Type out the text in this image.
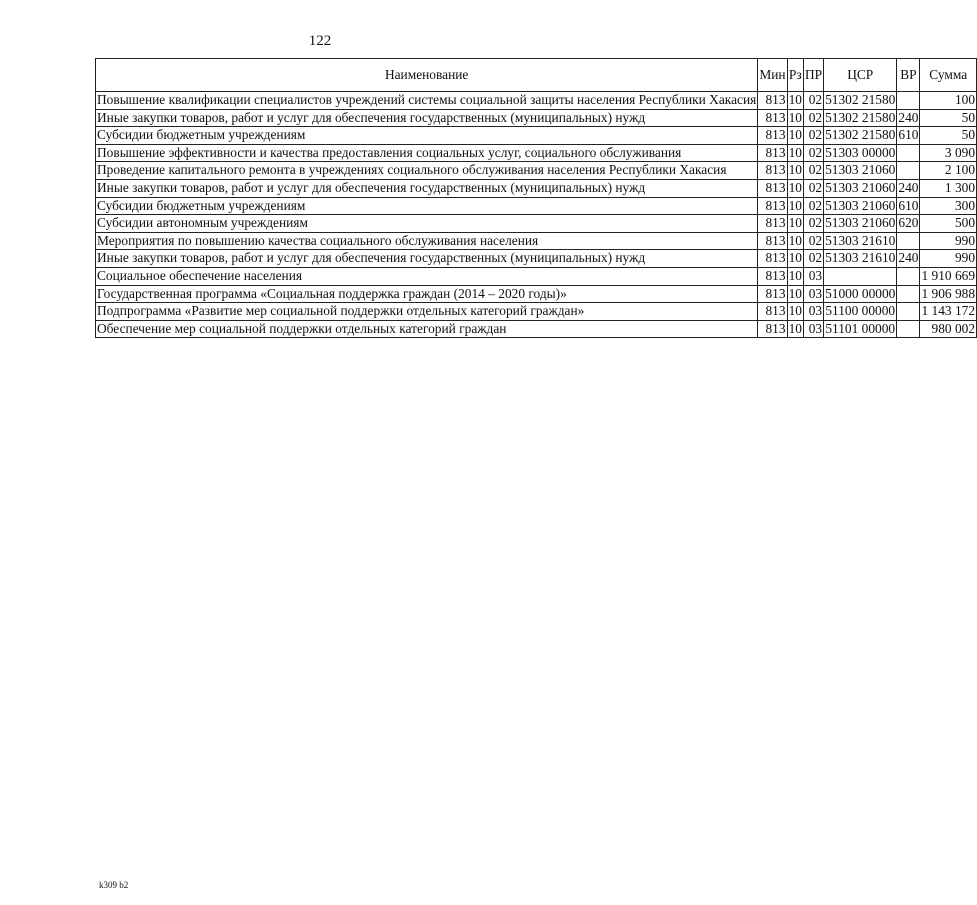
122
Наименование	Мин	Рз	ПР	ЦСР	ВР	Сумма
Повышение квалификации специалистов учреждений системы социальной защиты населения Республики Хакасия	813	10	02	51302 21580		100
Иные закупки товаров, работ и услуг для обеспечения государственных (муниципальных) нужд	813	10	02	51302 21580	240	50
Субсидии бюджетным учреждениям	813	10	02	51302 21580	610	50
Повышение эффективности и качества предоставления социальных услуг, социального обслуживания	813	10	02	51303 00000		3 090
Проведение капитального ремонта в учреждениях социального обслуживания населения Республики Хакасия	813	10	02	51303 21060		2 100
Иные закупки товаров, работ и услуг для обеспечения государственных (муниципальных) нужд	813	10	02	51303 21060	240	1 300
Субсидии бюджетным учреждениям	813	10	02	51303 21060	610	300
Субсидии автономным учреждениям	813	10	02	51303 21060	620	500
Мероприятия по повышению качества социального обслуживания населения	813	10	02	51303 21610		990
Иные закупки товаров, работ и услуг для обеспечения государственных (муниципальных) нужд	813	10	02	51303 21610	240	990
Социальное обеспечение населения	813	10	03			1 910 669
Государственная программа «Социальная поддержка граждан (2014 – 2020 годы)»	813	10	03	51000 00000		1 906 988
Подпрограмма «Развитие мер социальной поддержки отдельных категорий граждан»	813	10	03	51100 00000		1 143 172
Обеспечение мер социальной поддержки отдельных категорий граждан	813	10	03	51101 00000		980 002
k309 b2
